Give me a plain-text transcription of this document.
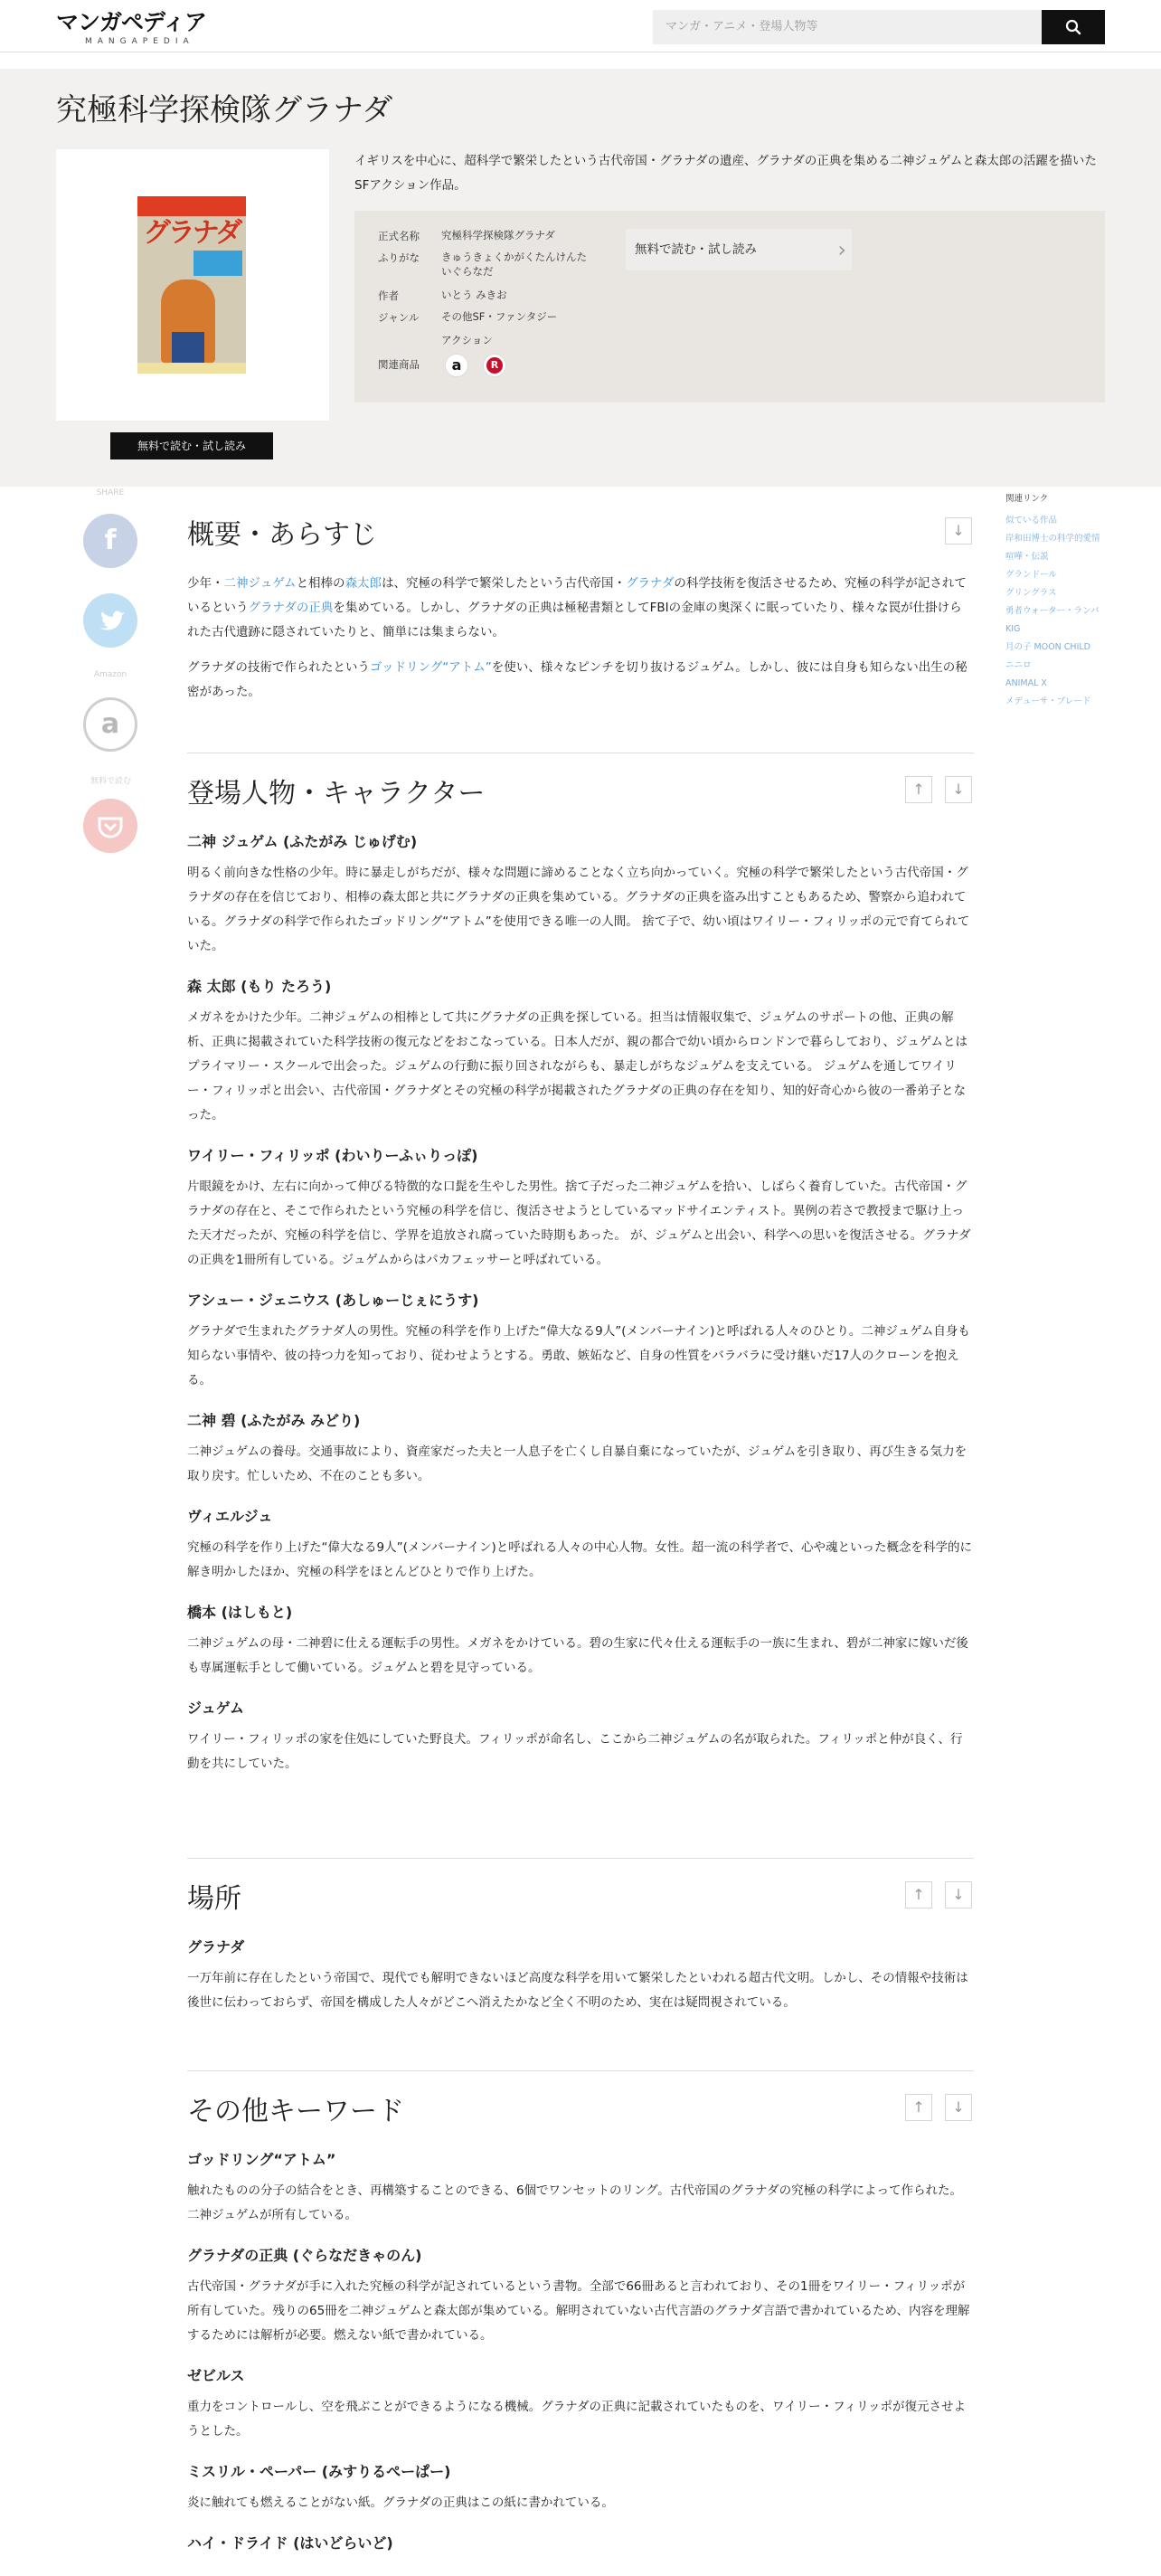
マンガペディア
MANGAPEDIA
マンガ・アニメ・登場人物等
究極科学探検隊グラナダ
グラナダ
無料で読む・試し読み

イギリスを中心に、超科学で繁栄したという古代帝国・グラナダの遺産、グラナダの正典を集める二神ジュゲムと森太郎の活躍を描いたSFアクション作品。

正式名称 究極科学探検隊グラナダ
ふりがな きゅうきょくかがくたんけんた
いぐらなだ
作者	いとう みきお
ジャンル その他SF・ファンタジー
アクション
関連商品	a	R
無料で読む・試し読み	›
SHARE
f
Amazon
a
無料で読む
関連リンク
似ている作品
岸和田博士の科学的愛情
喧嘩・伝説
グランドール
グリングラス
勇者ウォーター・ランバ
KIG
月の子 MOON CHILD
ニニロ
ANIMAL X
メデューサ・ブレード
概要・あらすじ	↓

少年・二神ジュゲムと相棒の森太郎は、究極の科学で繁栄したという古代帝国・グラナダの科学技術を復活させるため、究極の科学が記されているというグラナダの正典を集めている。しかし、グラナダの正典は極秘書類としてFBIの金庫の奥深くに眠っていたり、様々な罠が仕掛けられた古代遺跡に隠されていたりと、簡単には集まらない。

グラナダの技術で作られたというゴッドリング“アトム”を使い、様々なピンチを切り抜けるジュゲム。しかし、彼には自身も知らない出生の秘密があった。

登場人物・キャラクター	↑	↓
二神 ジュゲム (ふたがみ じゅげむ)

明るく前向きな性格の少年。時に暴走しがちだが、様々な問題に諦めることなく立ち向かっていく。究極の科学で繁栄したという古代帝国・グラナダの存在を信じており、相棒の森太郎と共にグラナダの正典を集めている。グラナダの正典を盗み出すこともあるため、警察から追われている。グラナダの科学で作られたゴッドリング“アトム”を使用できる唯一の人間。 捨て子で、幼い頃はワイリー・フィリッポの元で育てられていた。

森 太郎 (もり たろう)

メガネをかけた少年。二神ジュゲムの相棒として共にグラナダの正典を探している。担当は情報収集で、ジュゲムのサポートの他、正典の解析、正典に掲載されていた科学技術の復元などをおこなっている。日本人だが、親の都合で幼い頃からロンドンで暮らしており、ジュゲムとはプライマリー・スクールで出会った。ジュゲムの行動に振り回されながらも、暴走しがちなジュゲムを支えている。 ジュゲムを通してワイリー・フィリッポと出会い、古代帝国・グラナダとその究極の科学が掲載されたグラナダの正典の存在を知り、知的好奇心から彼の一番弟子となった。

ワイリー・フィリッポ (わいりーふぃりっぽ)

片眼鏡をかけ、左右に向かって伸びる特徴的な口髭を生やした男性。捨て子だった二神ジュゲムを拾い、しばらく養育していた。古代帝国・グラナダの存在と、そこで作られたという究極の科学を信じ、復活させようとしているマッドサイエンティスト。異例の若さで教授まで駆け上った天才だったが、究極の科学を信じ、学界を追放され腐っていた時期もあった。 が、ジュゲムと出会い、科学への思いを復活させる。グラナダの正典を1冊所有している。ジュゲムからはパカフェッサーと呼ばれている。

アシュー・ジェニウス (あしゅーじぇにうす)

グラナダで生まれたグラナダ人の男性。究極の科学を作り上げた“偉大なる9人”(メンバーナイン)と呼ばれる人々のひとり。二神ジュゲム自身も知らない事情や、彼の持つ力を知っており、従わせようとする。勇敢、嫉妬など、自身の性質をバラバラに受け継いだ17人のクローンを抱える。

二神 碧 (ふたがみ みどり)

二神ジュゲムの養母。交通事故により、資産家だった夫と一人息子を亡くし自暴自棄になっていたが、ジュゲムを引き取り、再び生きる気力を取り戻す。忙しいため、不在のことも多い。

ヴィエルジュ

究極の科学を作り上げた“偉大なる9人”(メンバーナイン)と呼ばれる人々の中心人物。女性。超一流の科学者で、心や魂といった概念を科学的に解き明かしたほか、究極の科学をほとんどひとりで作り上げた。

橋本 (はしもと)

二神ジュゲムの母・二神碧に仕える運転手の男性。メガネをかけている。碧の生家に代々仕える運転手の一族に生まれ、碧が二神家に嫁いだ後も専属運転手として働いている。ジュゲムと碧を見守っている。

ジュゲム

ワイリー・フィリッポの家を住処にしていた野良犬。フィリッポが命名し、ここから二神ジュゲムの名が取られた。フィリッポと仲が良く、行動を共にしていた。

場所	↑	↓
グラナダ

一万年前に存在したという帝国で、現代でも解明できないほど高度な科学を用いて繁栄したといわれる超古代文明。しかし、その情報や技術は後世に伝わっておらず、帝国を構成した人々がどこへ消えたかなど全く不明のため、実在は疑問視されている。

その他キーワード	↑	↓
ゴッドリング“アトム”

触れたものの分子の結合をとき、再構築することのできる、6個でワンセットのリング。古代帝国のグラナダの究極の科学によって作られた。二神ジュゲムが所有している。

グラナダの正典 (ぐらなだきゃのん)

古代帝国・グラナダが手に入れた究極の科学が記されているという書物。全部で66冊あると言われており、その1冊をワイリー・フィリッポが所有していた。残りの65冊を二神ジュゲムと森太郎が集めている。解明されていない古代言語のグラナダ言語で書かれているため、内容を理解するためには解析が必要。燃えない紙で書かれている。

ゼビルス

重力をコントロールし、空を飛ぶことができるようになる機械。グラナダの正典に記載されていたものを、ワイリー・フィリッポが復元させようとした。

ミスリル・ペーパー (みすりるぺーぱー)

炎に触れても燃えることがない紙。グラナダの正典はこの紙に書かれている。

ハイ・ドライド (はいどらいど)
